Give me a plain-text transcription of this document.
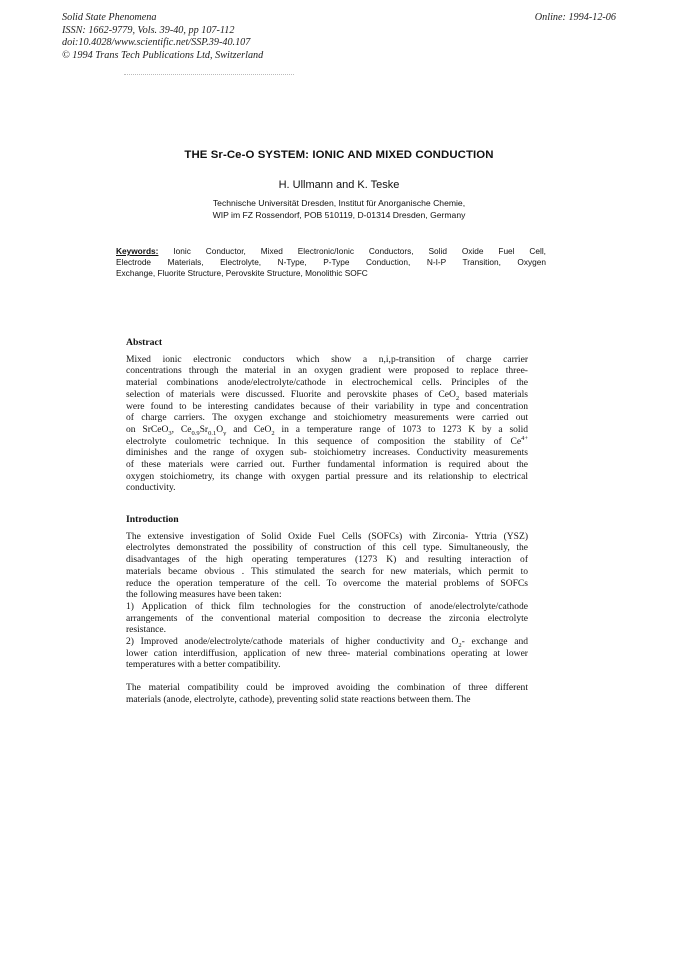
Solid State Phenomena
ISSN: 1662-9779, Vols. 39-40, pp 107-112
doi:10.4028/www.scientific.net/SSP.39-40.107
© 1994 Trans Tech Publications Ltd, Switzerland
Online: 1994-12-06
THE Sr-Ce-O SYSTEM: IONIC AND MIXED CONDUCTION
H. Ullmann and K. Teske
Technische Universität Dresden, Institut für Anorganische Chemie,
WIP im FZ Rossendorf, POB 510119, D-01314 Dresden, Germany
Keywords: Ionic Conductor, Mixed Electronic/Ionic Conductors, Solid Oxide Fuel Cell,
Electrode Materials, Electrolyte, N-Type, P-Type Conduction, N-I-P Transition, Oxygen
Exchange, Fluorite Structure, Perovskite Structure, Monolithic SOFC
Abstract
Mixed ionic electronic conductors which show a n,i,p-transition of charge carrier
concentrations through the material in an oxygen gradient were proposed to replace three-
material combinations anode/electrolyte/cathode in electrochemical cells. Principles of the
selection of materials were discussed. Fluorite and perovskite phases of CeO$_2$ based materials
were found to be interesting candidates because of their variability in type and concentration
of charge carriers. The oxygen exchange and stoichiometry measurements were carried out
on SrCeO$_3$, $Ce_{0.9}Sr_{0.1}O_y$ and CeO$_2$ in a temperature range of 1073 to 1273 K by a solid
electrolyte coulometric technique. In this sequence of composition the stability of $Ce^{4+}$
diminishes and the range of oxygen sub- stoichiometry increases. Conductivity measurements
of these materials were carried out. Further fundamental information is required about the
oxygen stoichiometry, its change with oxygen partial pressure and its relationship to electrical
conductivity.
Introduction
The extensive investigation of Solid Oxide Fuel Cells (SOFCs) with Zirconia- Yttria (YSZ)
electrolytes demonstrated the possibility of construction of this cell type. Simultaneously, the
disadvantages of the high operating temperatures (1273 K) and resulting interaction of
materials became obvious . This stimulated the search for new materials, which permit to
reduce the operation temperature of the cell. To overcome the material problems of SOFCs
the following measures have been taken:
1) Application of thick film technologies for the construction of anode/electrolyte/cathode
arrangements of the conventional material composition to decrease the zirconia electrolyte
resistance.
2) Improved anode/electrolyte/cathode materials of higher conductivity and $O_2-$ exchange and
lower cation interdiffusion, application of new three- material combinations operating at lower
temperatures with a better compatibility.
The material compatibility could be improved avoiding the combination of three different
materials (anode, electrolyte, cathode), preventing solid state reactions between them. The
